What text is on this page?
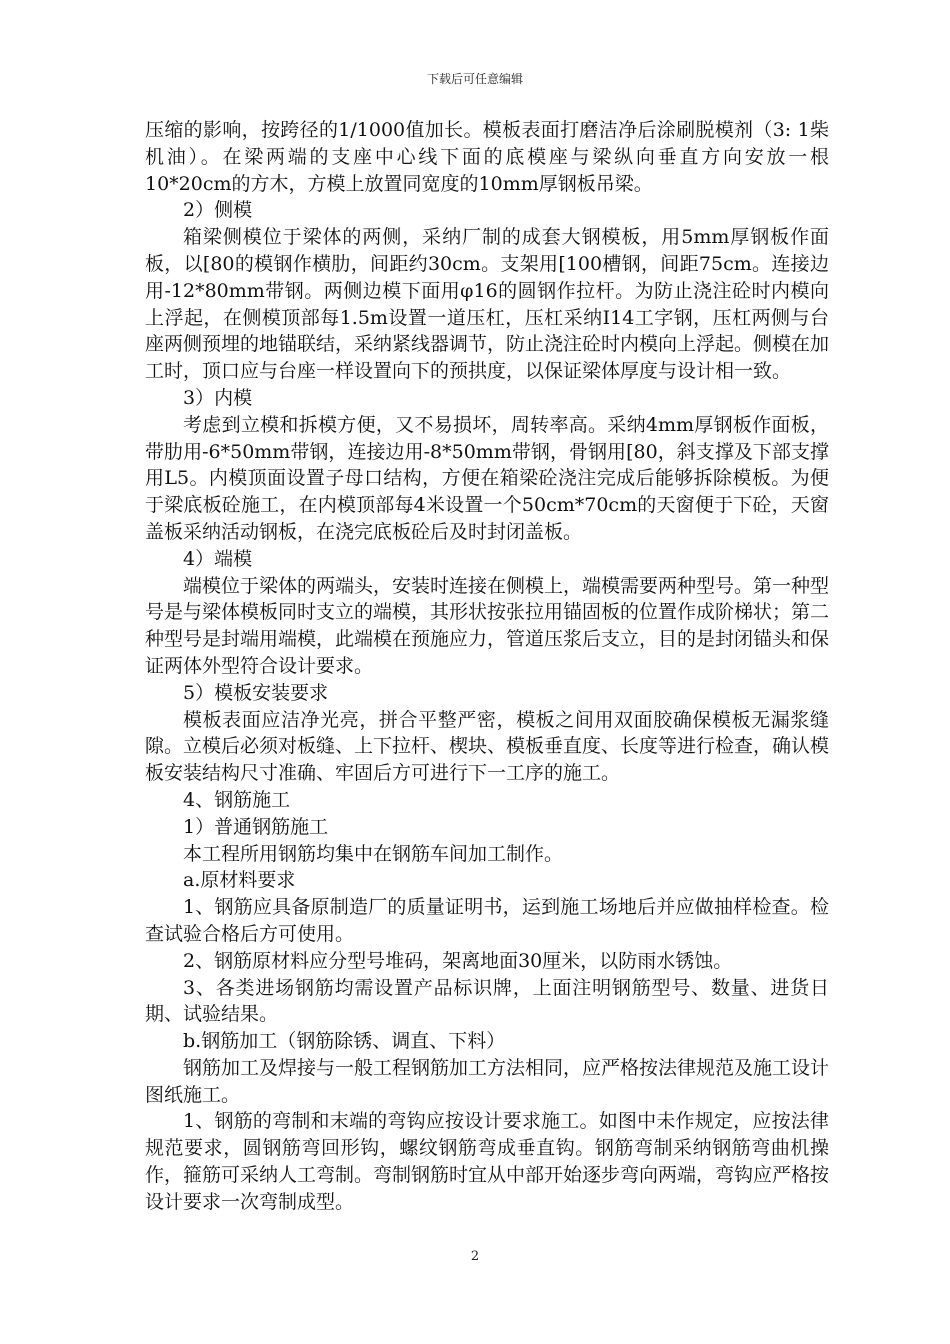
下载后可任意编辑

压缩的影响，按跨径的1/1000值加长。模板表面打磨洁净后涂刷脱模剂（3: 1柴机油）。在梁两端的支座中心线下面的底模座与梁纵向垂直方向安放一根10*20cm的方木，方模上放置同宽度的10mm厚钢板吊梁。

2）侧模

箱梁侧模位于梁体的两侧，采纳厂制的成套大钢模板，用5mm厚钢板作面板，以[80的模钢作横肋，间距约30cm。支架用[100槽钢，间距75cm。连接边用-12*80mm带钢。两侧边模下面用φ16的圆钢作拉杆。为防止浇注砼时内模向上浮起，在侧模顶部每1.5m设置一道压杠，压杠采纳I14工字钢，压杠两侧与台座两侧预埋的地锚联结，采纳紧线器调节，防止浇注砼时内模向上浮起。侧模在加工时，顶口应与台座一样设置向下的预拱度，以保证梁体厚度与设计相一致。

3）内模

考虑到立模和拆模方便，又不易损坏，周转率高。采纳4mm厚钢板作面板，带肋用-6*50mm带钢，连接边用-8*50mm带钢，骨钢用[80，斜支撑及下部支撑用L5。内模顶面设置子母口结构，方便在箱梁砼浇注完成后能够拆除模板。为便于梁底板砼施工，在内模顶部每4米设置一个50cm*70cm的天窗便于下砼，天窗盖板采纳活动钢板，在浇完底板砼后及时封闭盖板。

4）端模

端模位于梁体的两端头，安装时连接在侧模上，端模需要两种型号。第一种型号是与梁体模板同时支立的端模，其形状按张拉用锚固板的位置作成阶梯状；第二种型号是封端用端模，此端模在预施应力，管道压浆后支立，目的是封闭锚头和保证两体外型符合设计要求。

5）模板安装要求

模板表面应洁净光亮，拼合平整严密，模板之间用双面胶确保模板无漏浆缝隙。立模后必须对板缝、上下拉杆、楔块、模板垂直度、长度等进行检查，确认模板安装结构尺寸准确、牢固后方可进行下一工序的施工。

4、钢筋施工

1）普通钢筋施工

本工程所用钢筋均集中在钢筋车间加工制作。

a.原材料要求

1、钢筋应具备原制造厂的质量证明书，运到施工场地后并应做抽样检查。检查试验合格后方可使用。

2、钢筋原材料应分型号堆码，架离地面30厘米，以防雨水锈蚀。

3、各类进场钢筋均需设置产品标识牌，上面注明钢筋型号、数量、进货日期、试验结果。

b.钢筋加工（钢筋除锈、调直、下料）

钢筋加工及焊接与一般工程钢筋加工方法相同，应严格按法律规范及施工设计图纸施工。

1、钢筋的弯制和末端的弯钩应按设计要求施工。如图中未作规定，应按法律规范要求，圆钢筋弯回形钩，螺纹钢筋弯成垂直钩。钢筋弯制采纳钢筋弯曲机操作，箍筋可采纳人工弯制。弯制钢筋时宜从中部开始逐步弯向两端，弯钩应严格按设计要求一次弯制成型。

2
